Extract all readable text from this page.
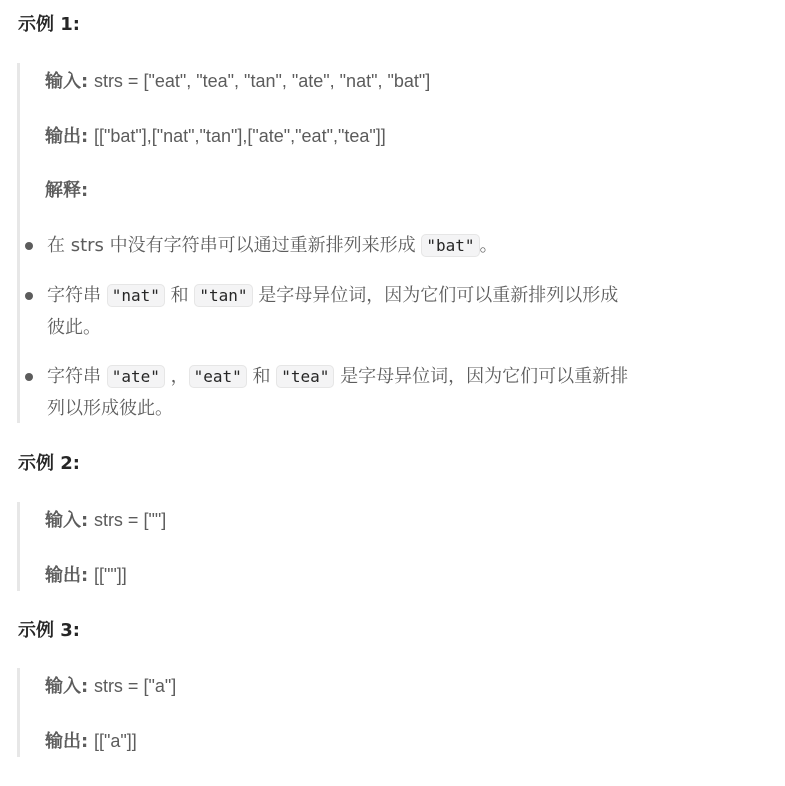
示例 1:
输入: strs = ["eat", "tea", "tan", "ate", "nat", "bat"]
输出: [["bat"],["nat","tan"],["ate","eat","tea"]]
解释:
在 strs 中没有字符串可以通过重新排列来形成 "bat" 。
字符串 "nat" 和 "tan" 是字母异位词，因为它们可以重新排列以形成
彼此。
字符串 "ate" ， "eat" 和 "tea" 是字母异位词，因为它们可以重新排
列以形成彼此。
示例 2:
输入: strs = [""]
输出: [[""]]
示例 3:
输入: strs = ["a"]
输出: [["a"]]
